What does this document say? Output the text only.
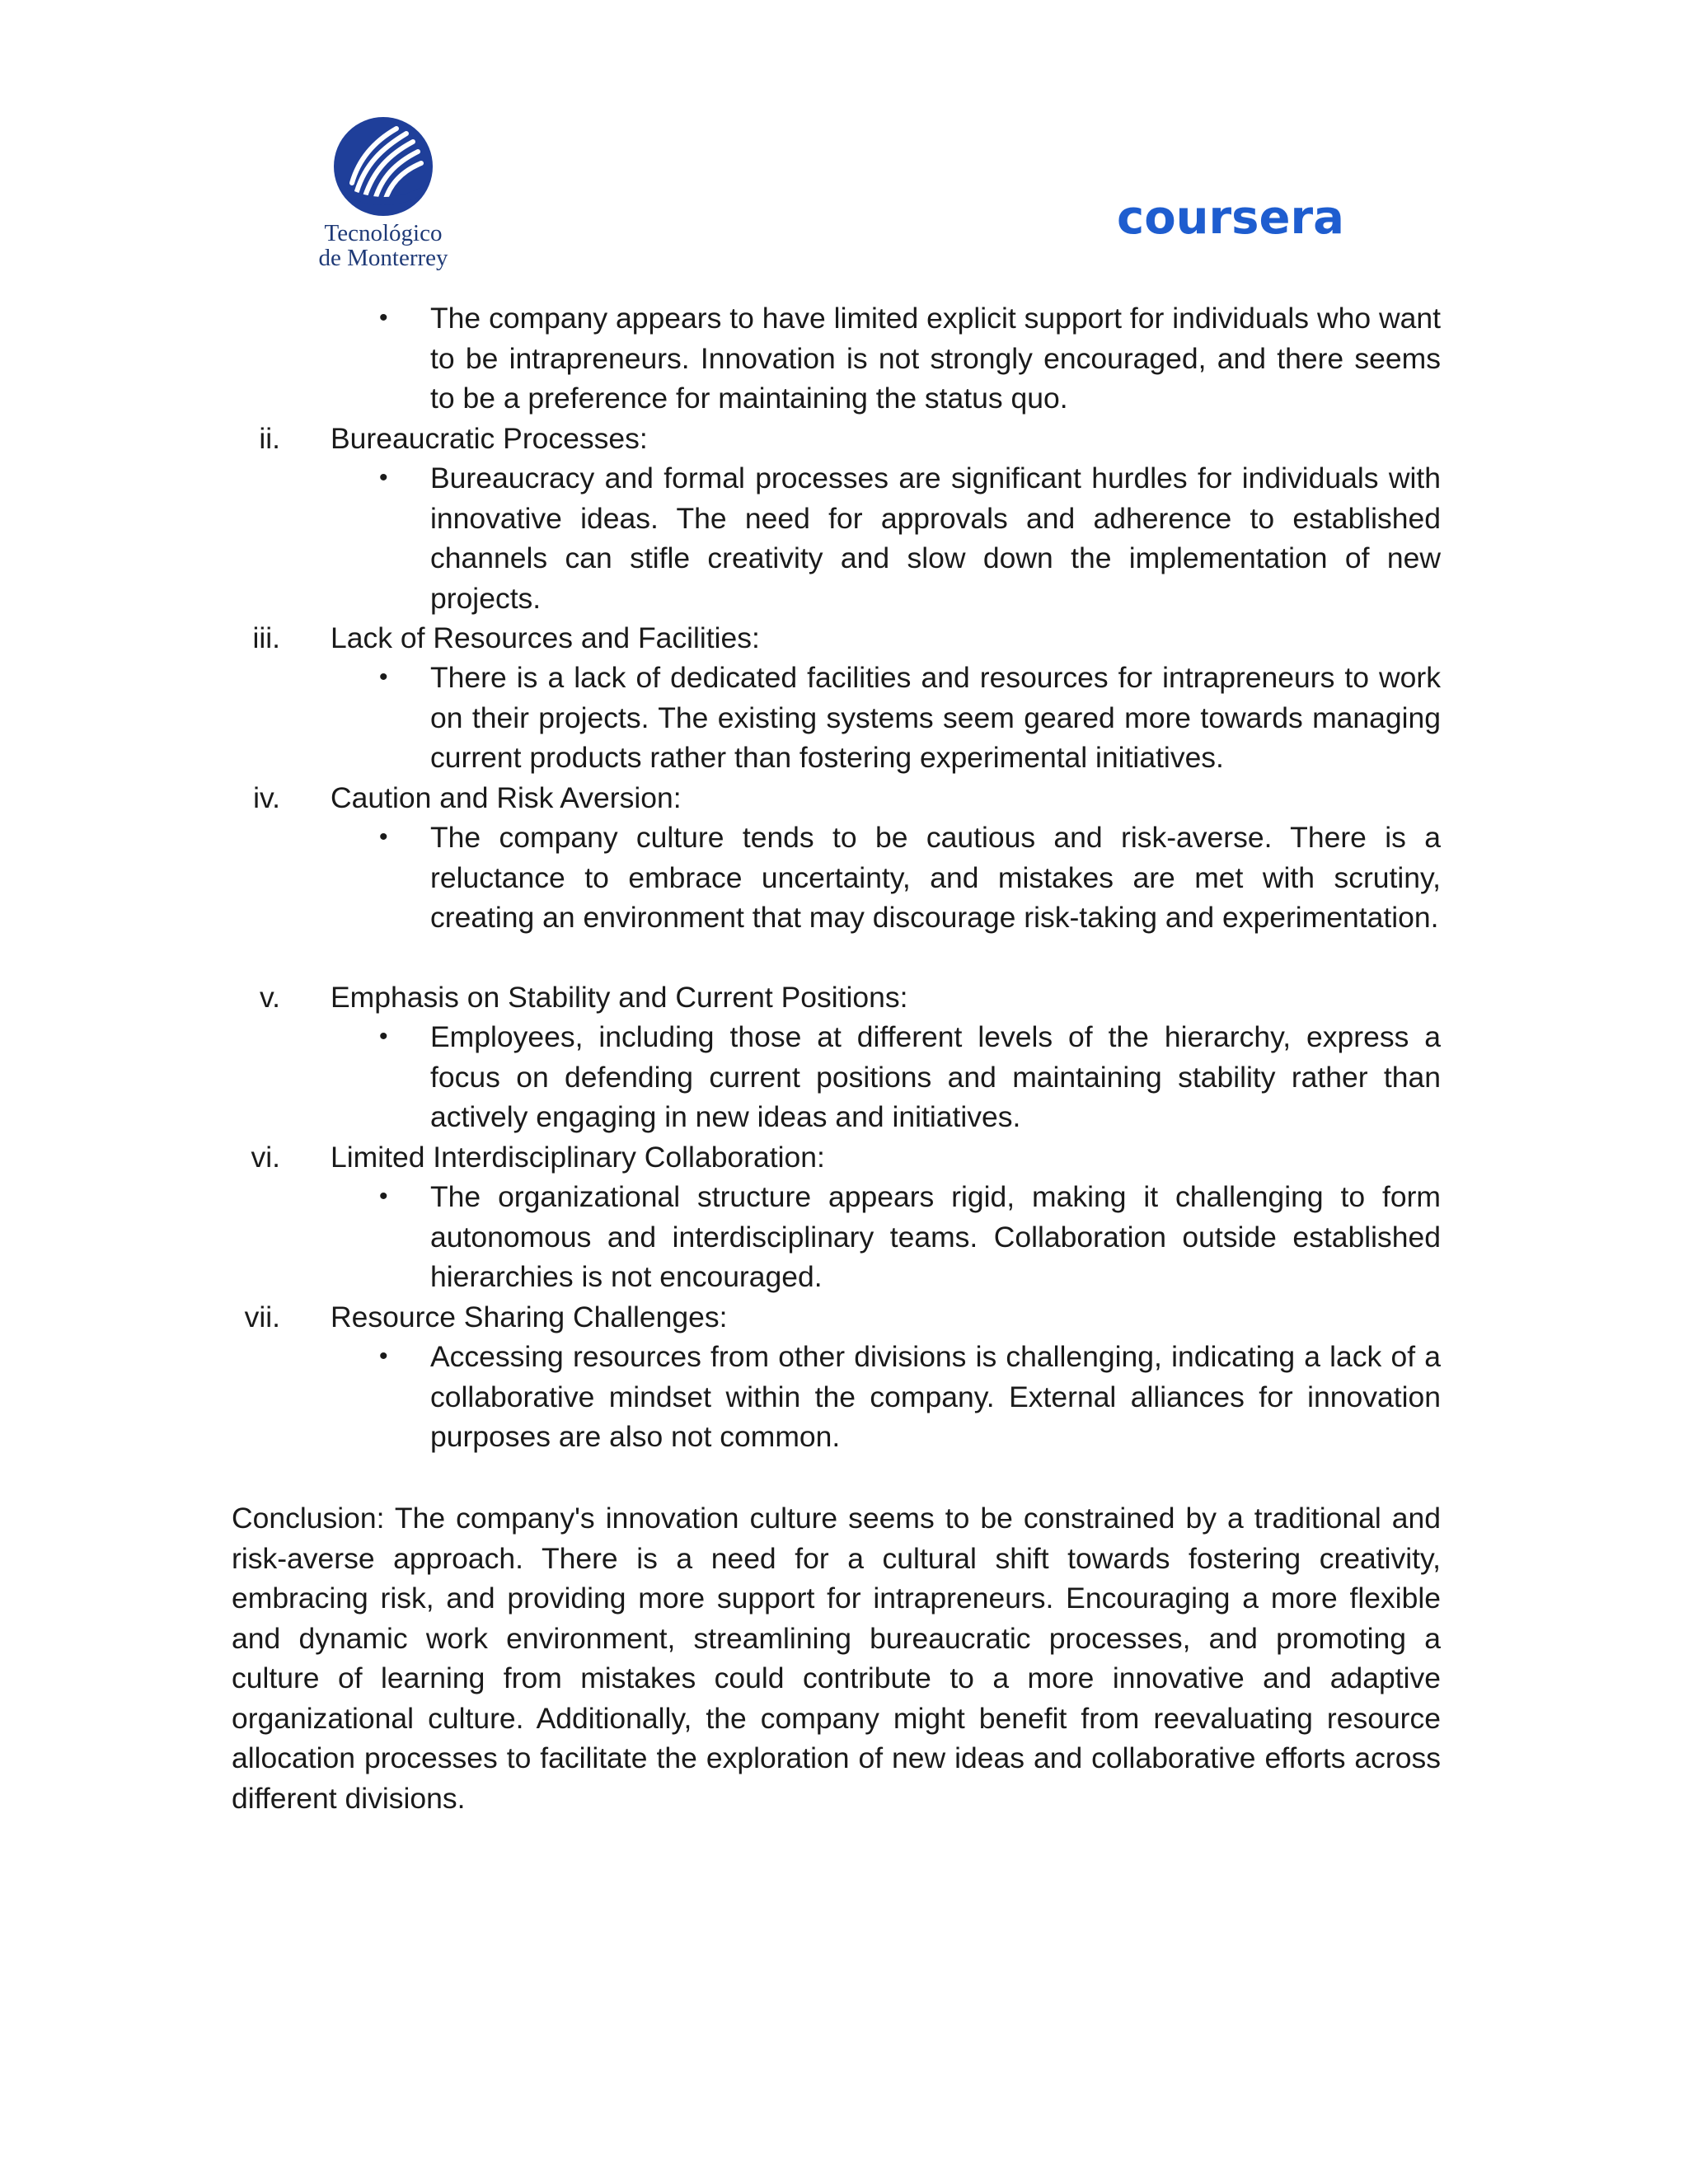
Tecnológico
de Monterrey
coursera
• The company appears to have limited explicit support for individuals who want to be intrapreneurs. Innovation is not strongly encouraged, and there seems to be a preference for maintaining the status quo.
ii. Bureaucratic Processes:
• Bureaucracy and formal processes are significant hurdles for individuals with innovative ideas. The need for approvals and adherence to established channels can stifle creativity and slow down the implementation of new projects.
iii. Lack of Resources and Facilities:
• There is a lack of dedicated facilities and resources for intrapreneurs to work on their projects. The existing systems seem geared more towards managing current products rather than fostering experimental initiatives.
iv. Caution and Risk Aversion:
• The company culture tends to be cautious and risk-averse. There is a reluctance to embrace uncertainty, and mistakes are met with scrutiny, creating an environment that may discourage risk-taking and experimentation.
v. Emphasis on Stability and Current Positions:
• Employees, including those at different levels of the hierarchy, express a focus on defending current positions and maintaining stability rather than actively engaging in new ideas and initiatives.
vi. Limited Interdisciplinary Collaboration:
• The organizational structure appears rigid, making it challenging to form autonomous and interdisciplinary teams. Collaboration outside established hierarchies is not encouraged.
vii. Resource Sharing Challenges:
• Accessing resources from other divisions is challenging, indicating a lack of a collaborative mindset within the company. External alliances for innovation purposes are also not common.
Conclusion: The company's innovation culture seems to be constrained by a traditional and risk-averse approach. There is a need for a cultural shift towards fostering creativity, embracing risk, and providing more support for intrapreneurs. Encouraging a more flexible and dynamic work environment, streamlining bureaucratic processes, and promoting a culture of learning from mistakes could contribute to a more innovative and adaptive organizational culture. Additionally, the company might benefit from reevaluating resource allocation processes to facilitate the exploration of new ideas and collaborative efforts across different divisions.
